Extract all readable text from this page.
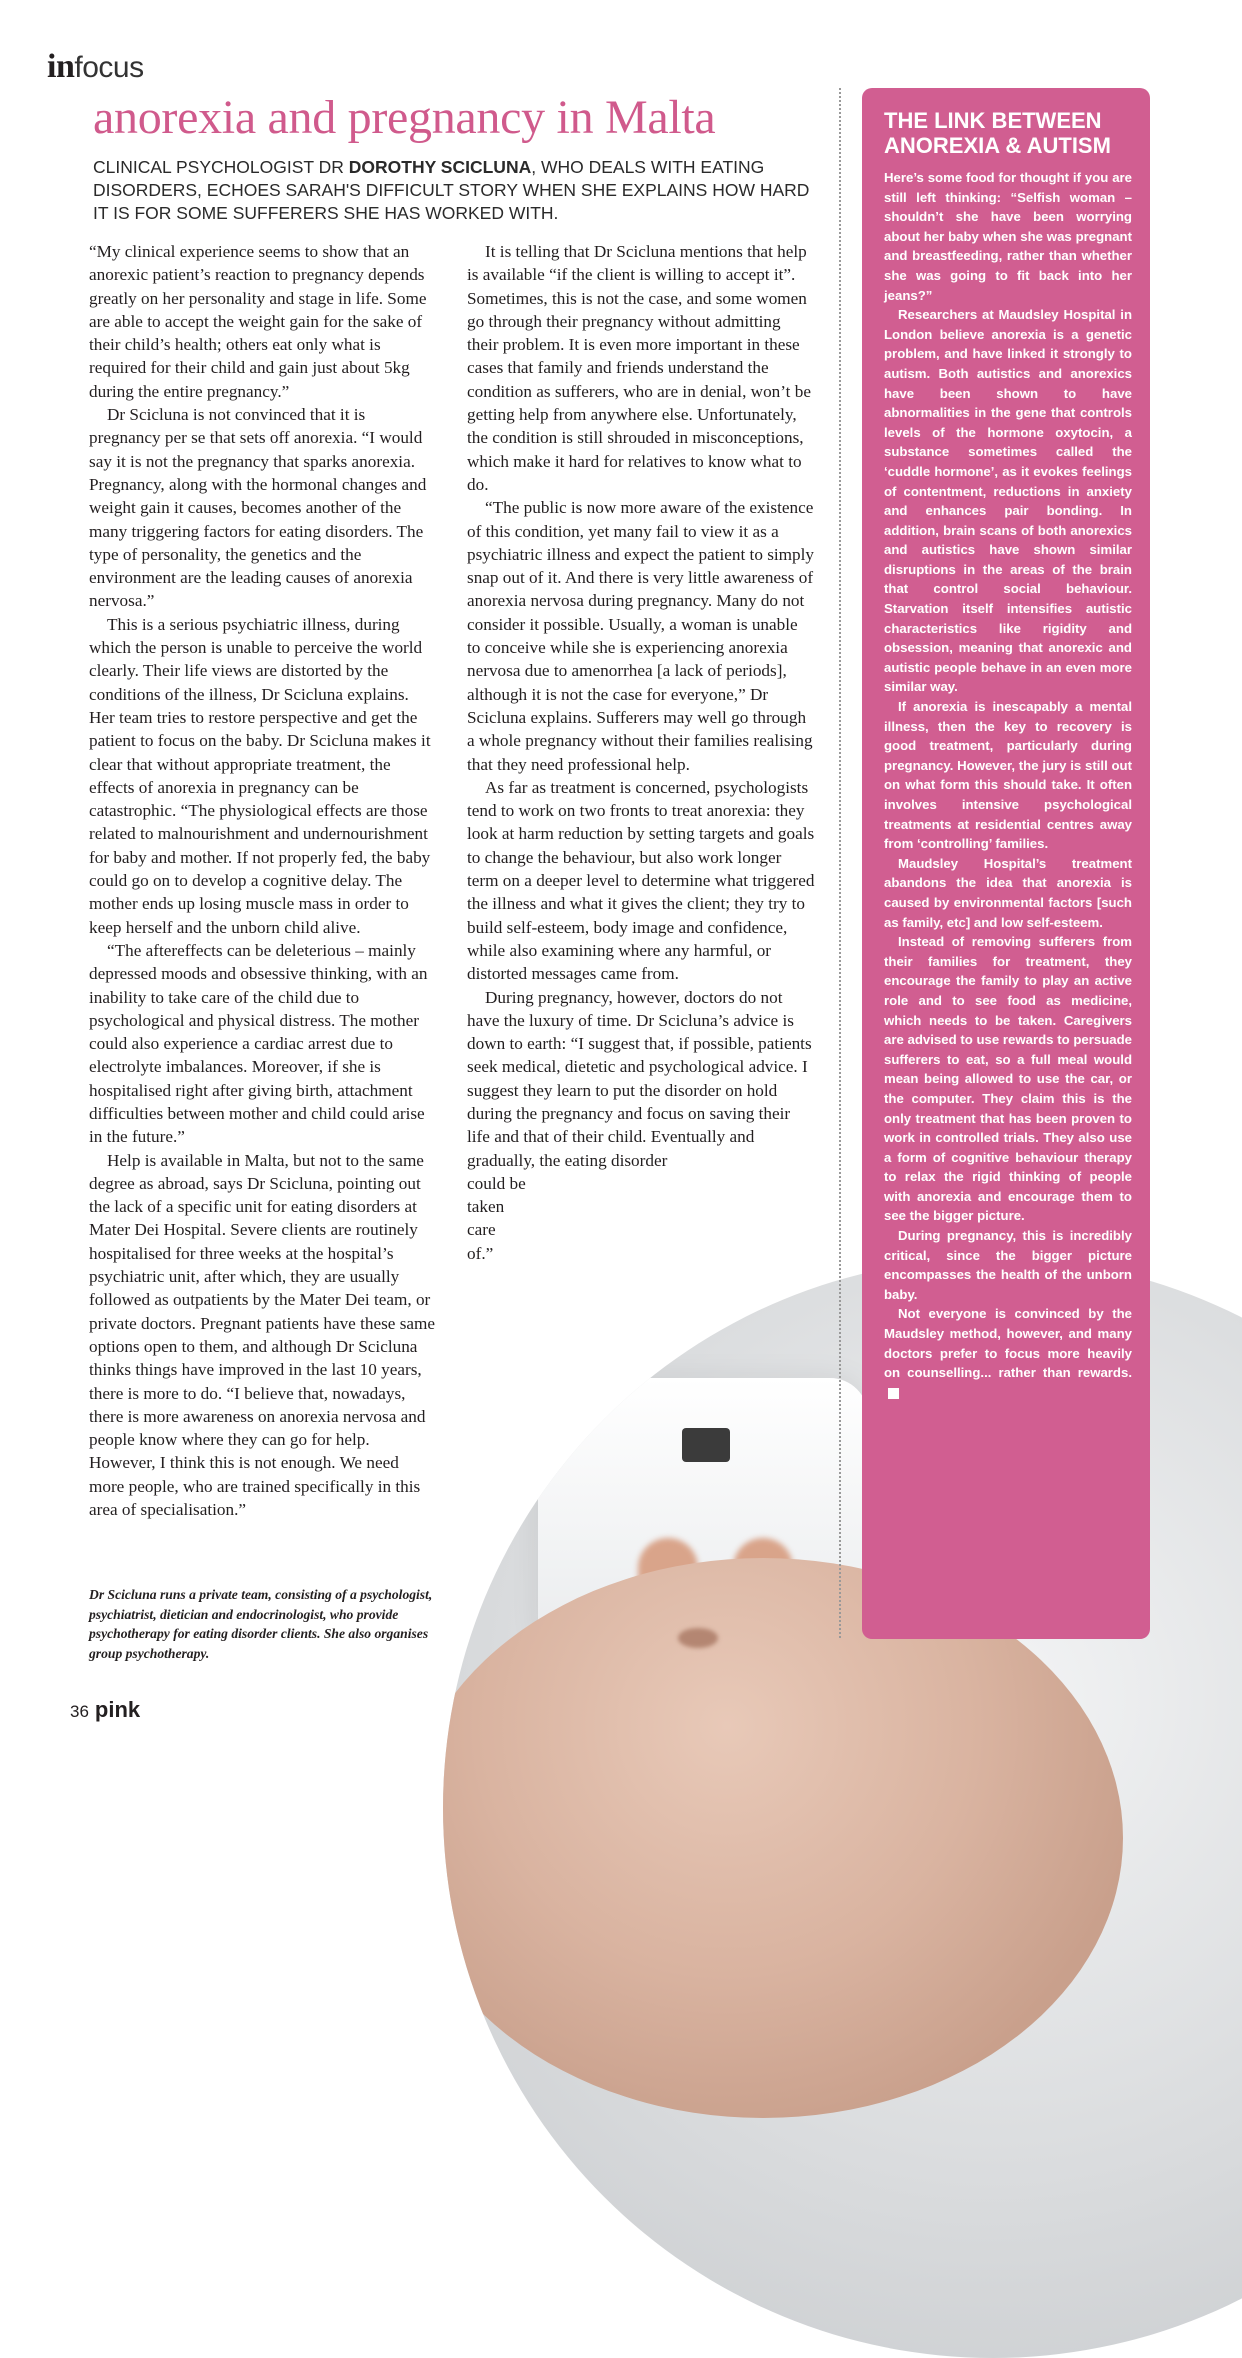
infocus
anorexia and pregnancy in Malta

CLINICAL PSYCHOLOGIST DR DOROTHY SCICLUNA, WHO DEALS WITH EATING DISORDERS, ECHOES SARAH'S DIFFICULT STORY WHEN SHE EXPLAINS HOW HARD IT IS FOR SOME SUFFERERS SHE HAS WORKED WITH.

“My clinical experience seems to show that an anorexic patient’s reaction to pregnancy depends greatly on her personality and stage in life. Some are able to accept the weight gain for the sake of their child’s health; others eat only what is required for their child and gain just about 5kg during the entire pregnancy.”

Dr Scicluna is not convinced that it is pregnancy per se that sets off anorexia. “I would say it is not the pregnancy that sparks anorexia. Pregnancy, along with the hormonal changes and weight gain it causes, becomes another of the many triggering factors for eating disorders. The type of personality, the genetics and the environment are the leading causes of anorexia nervosa.”

This is a serious psychiatric illness, during which the person is unable to perceive the world clearly. Their life views are distorted by the conditions of the illness, Dr Scicluna explains. Her team tries to restore perspective and get the patient to focus on the baby. Dr Scicluna makes it clear that without appropriate treatment, the effects of anorexia in pregnancy can be catastrophic. “The physiological effects are those related to malnourishment and undernourishment for baby and mother. If not properly fed, the baby could go on to develop a cognitive delay. The mother ends up losing muscle mass in order to keep herself and the unborn child alive.

“The aftereffects can be deleterious – mainly depressed moods and obsessive thinking, with an inability to take care of the child due to psychological and physical distress. The mother could also experience a cardiac arrest due to electrolyte imbalances. Moreover, if she is hospitalised right after giving birth, attachment difficulties between mother and child could arise in the future.”

Help is available in Malta, but not to the same degree as abroad, says Dr Scicluna, pointing out the lack of a specific unit for eating disorders at Mater Dei Hospital. Severe clients are routinely hospitalised for three weeks at the hospital’s psychiatric unit, after which, they are usually followed as outpatients by the Mater Dei team, or private doctors. Pregnant patients have these same options open to them, and although Dr Scicluna thinks things have improved in the last 10 years, there is more to do. “I believe that, nowadays, there is more awareness on anorexia nervosa and people know where they can go for help. However, I think this is not enough. We need more people, who are trained specifically in this area of specialisation.”

It is telling that Dr Scicluna mentions that help is available “if the client is willing to accept it”. Sometimes, this is not the case, and some women go through their pregnancy without admitting their problem. It is even more important in these cases that family and friends understand the condition as sufferers, who are in denial, won’t be getting help from anywhere else. Unfortunately, the condition is still shrouded in misconceptions, which make it hard for relatives to know what to do.

“The public is now more aware of the existence of this condition, yet many fail to view it as a psychiatric illness and expect the patient to simply snap out of it. And there is very little awareness of anorexia nervosa during pregnancy. Many do not consider it possible. Usually, a woman is unable to conceive while she is experiencing anorexia nervosa due to amenorrhea [a lack of periods], although it is not the case for everyone,” Dr Scicluna explains. Sufferers may well go through a whole pregnancy without their families realising that they need professional help.

As far as treatment is concerned, psychologists tend to work on two fronts to treat anorexia: they look at harm reduction by setting targets and goals to change the behaviour, but also work longer term on a deeper level to determine what triggered the illness and what it gives the client; they try to build self-esteem, body image and confidence, while also examining where any harmful, or distorted messages came from.

During pregnancy, however, doctors do not have the luxury of time. Dr Scicluna’s advice is down to earth: “I suggest that, if possible, patients seek medical, dietetic and psychological advice. I suggest they learn to put the disorder on hold during the pregnancy and focus on saving their life and that of their child. Eventually and gradually, the eating disorder

could be

taken

care

of.”

Dr Scicluna runs a private team, consisting of a psychologist, psychiatrist, dietician and endocrinologist, who provide psychotherapy for eating disorder clients. She also organises group psychotherapy.

THE LINK BETWEEN ANOREXIA & AUTISM

Here’s some food for thought if you are still left thinking: “Selfish woman – shouldn’t she have been worrying about her baby when she was pregnant and breastfeeding, rather than whether she was going to fit back into her jeans?”

Researchers at Maudsley Hospital in London believe anorexia is a genetic problem, and have linked it strongly to autism. Both autistics and anorexics have been shown to have abnormalities in the gene that controls levels of the hormone oxytocin, a substance sometimes called the ‘cuddle hormone’, as it evokes feelings of contentment, reductions in anxiety and enhances pair bonding. In addition, brain scans of both anorexics and autistics have shown similar disruptions in the areas of the brain that control social behaviour. Starvation itself intensifies autistic characteristics like rigidity and obsession, meaning that anorexic and autistic people behave in an even more similar way.

If anorexia is inescapably a mental illness, then the key to recovery is good treatment, particularly during pregnancy. However, the jury is still out on what form this should take. It often involves intensive psychological treatments at residential centres away from ‘controlling’ families.

Maudsley Hospital’s treatment abandons the idea that anorexia is caused by environmental factors [such as family, etc] and low self-esteem.

Instead of removing sufferers from their families for treatment, they encourage the family to play an active role and to see food as medicine, which needs to be taken. Caregivers are advised to use rewards to persuade sufferers to eat, so a full meal would mean being allowed to use the car, or the computer. They claim this is the only treatment that has been proven to work in controlled trials. They also use a form of cognitive behaviour therapy to relax the rigid thinking of people with anorexia and encourage them to see the bigger picture.

During pregnancy, this is incredibly critical, since the bigger picture encompasses the health of the unborn baby.

Not everyone is convinced by the Maudsley method, however, and many doctors prefer to focus more heavily on counselling... rather than rewards.

36 pink
